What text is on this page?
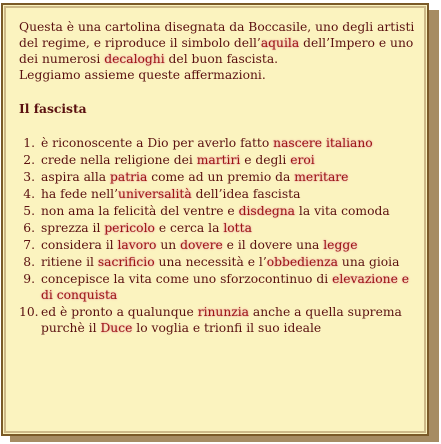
Questa è una cartolina disegnata da Boccasile, uno degli artisti del regime, e riproduce il simbolo dell’aquila dell’Impero e uno dei numerosi decaloghi del buon fascista.

Leggiamo assieme queste affermazioni.

Il fascista
1. è riconoscente a Dio per averlo fatto nascere italiano
2. crede nella religione dei martiri e degli eroi
3. aspira alla patria come ad un premio da meritare
4. ha fede nell’universalità dell’idea fascista
5. non ama la felicità del ventre e disdegna la vita comoda
6. sprezza il pericolo e cerca la lotta
7. considera il lavoro un dovere e il dovere una legge
8. ritiene il sacrificio una necessità e l’obbedienza una gioia
9. concepisce la vita come uno sforzocontinuo di elevazione e di conquista
10. ed è pronto a qualunque rinunzia anche a quella suprema purchè il Duce lo voglia e trionfi il suo ideale
